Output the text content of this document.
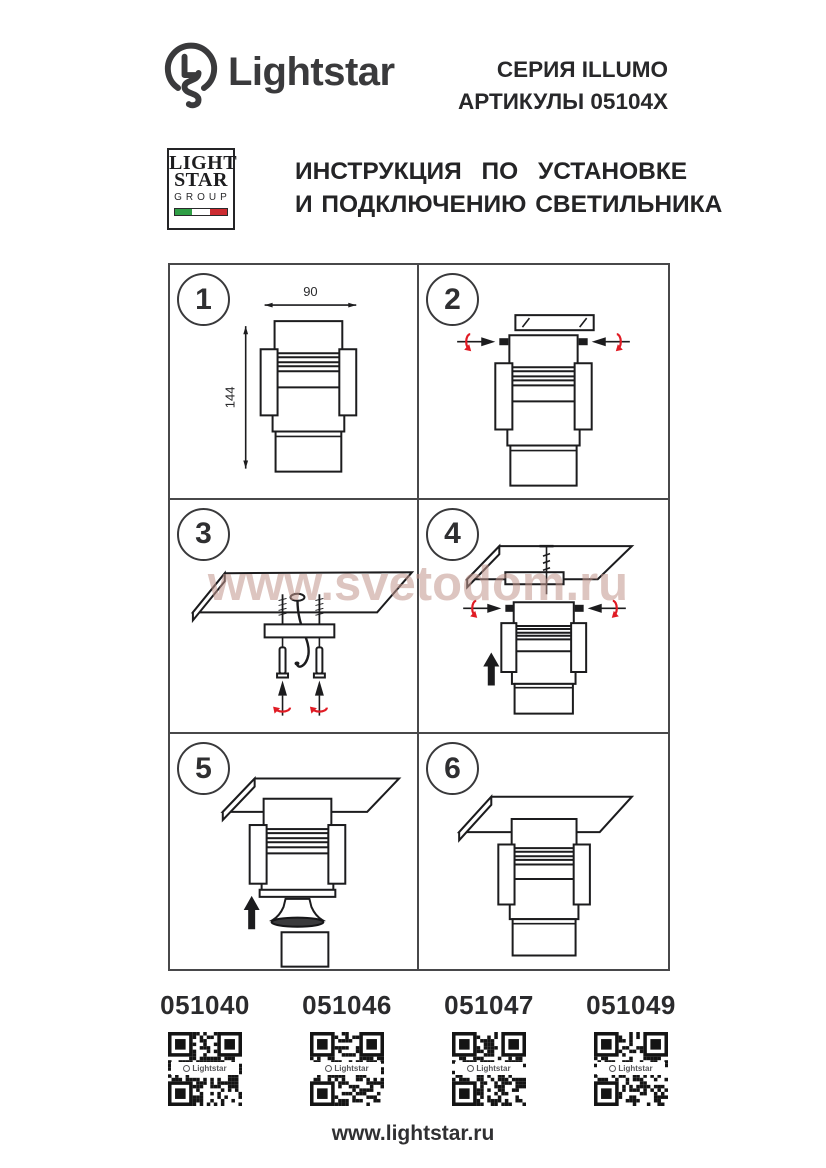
Lightstar	СЕРИЯ ILLUMO
АРТИКУЛЫ 05104X
LIGHT
STAR
GROUP
ИНСТРУКЦИЯ ПО УСТАНОВКЕ
И ПОДКЛЮЧЕНИЮ СВЕТИЛЬНИКА
1	90
144
2
3	4
5	6
www.svetodom.ru
051040
Lightstar
051046
Lightstar
051047
Lightstar
051049
Lightstar
www.lightstar.ru
